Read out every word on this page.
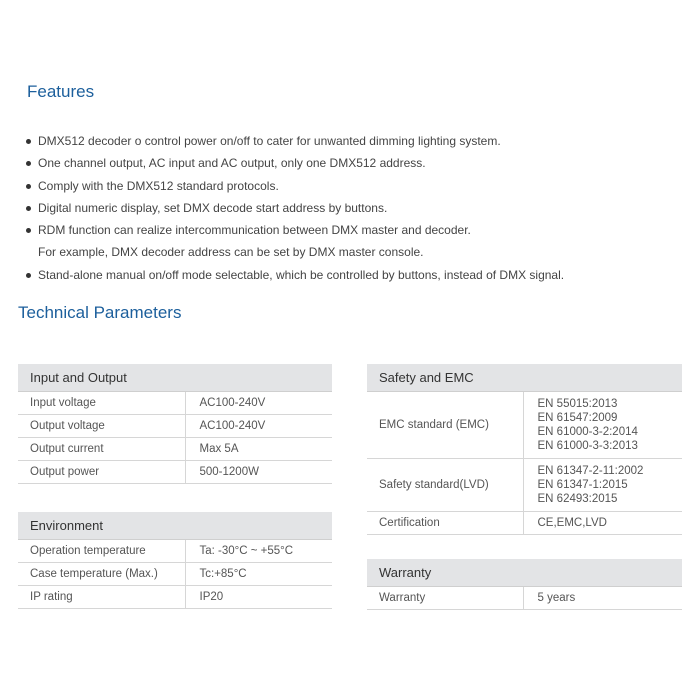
Features
DMX512 decoder o control power on/off to cater for unwanted dimming lighting system.
One channel output, AC input and AC output, only one DMX512 address.
Comply with the DMX512 standard protocols.
Digital numeric display, set DMX decode start address by buttons.
RDM function can realize intercommunication between DMX master and decoder.
For example, DMX decoder address can be set by DMX master console.
Stand-alone manual on/off mode selectable, which be controlled by buttons, instead of DMX signal.
Technical Parameters
Input and Output	
Input voltage	AC100-240V
Output voltage	AC100-240V
Output current	Max 5A
Output power	500-1200W
Environment	
Operation temperature	Ta: -30°C ~ +55°C
Case temperature (Max.)	Tc:+85°C
IP rating	IP20
Safety and EMC	
EMC standard (EMC)	EN 55015:2013
EN 61547:2009
EN 61000-3-2:2014
EN 61000-3-3:2013

Safety standard(LVD)	EN 61347-2-11:2002
EN 61347-1:2015
EN 62493:2015

Certification	CE,EMC,LVD
Warranty
Warranty	5 years
